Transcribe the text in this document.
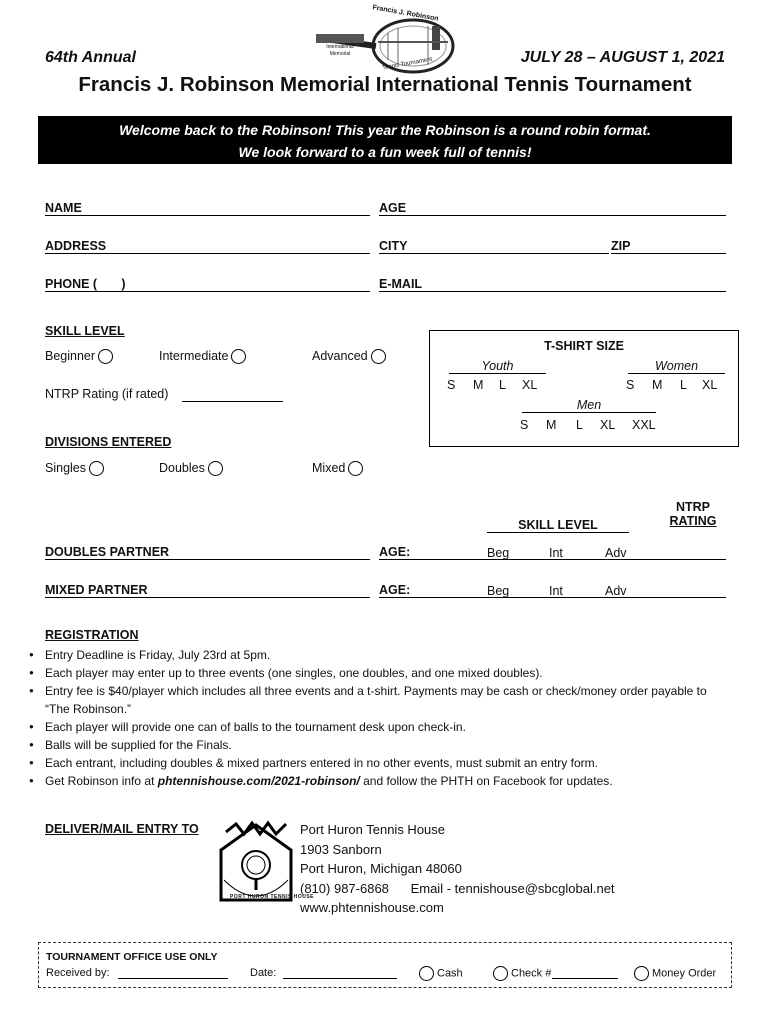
64th Annual	JULY 28 – AUGUST 1, 2021
Francis J. Robinson
International
Memorial
Tennis Tournament
Francis J. Robinson Memorial International Tennis Tournament
Welcome back to the Robinson! This year the Robinson is a round robin format.
We look forward to a fun week full of tennis!
NAME	AGE
ADDRESS	CITY	ZIP
PHONE (       )	E-MAIL
SKILL LEVEL
Beginner	Intermediate	Advanced
NTRP Rating (if rated)
T-SHIRT SIZE
Youth	Women
S M L XL	S M L XL
Men
S M L XL XXL
DIVISIONS ENTERED
Singles	Doubles	Mixed
NTRP
RATING
SKILL LEVEL
DOUBLES PARTNER	AGE:	Beg	Int	Adv
MIXED PARTNER	AGE:	Beg	Int	Adv
REGISTRATION
● Entry Deadline is Friday, July 23rd at 5pm.
● Each player may enter up to three events (one singles, one doubles, and one mixed doubles).
● Entry fee is $40/player which includes all three events and a t-shirt. Payments may be cash or check/money order payable to “The Robinson.”
● Each player will provide one can of balls to the tournament desk upon check-in.
● Balls will be supplied for the Finals.
● Each entrant, including doubles & mixed partners entered in no other events, must submit an entry form.
● Get Robinson info at phtennishouse.com/2021-robinson/ and follow the PHTH on Facebook for updates.
DELIVER/MAIL ENTRY TO
PORT HURON TENNIS HOUSE
Port Huron Tennis House
1903 Sanborn
Port Huron, Michigan 48060
(810) 987-6868      Email - tennishouse@sbcglobal.net
www.phtennishouse.com
TOURNAMENT OFFICE USE ONLY
Received by:	Date:	Cash	Check #	Money Order
